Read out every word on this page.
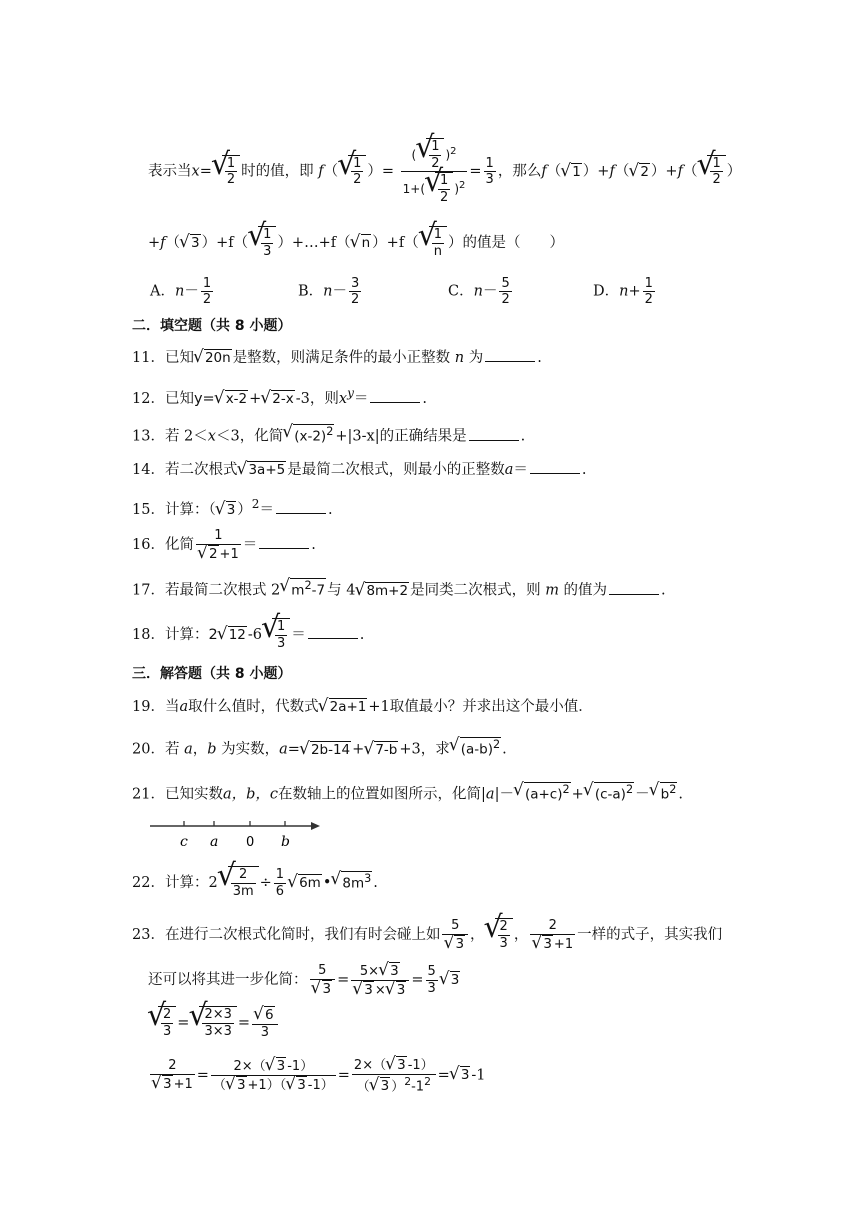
表示当x=
√ $\frac{1}{2}$ 时的值，即 f（
√ $\frac{1}{2}$ ）= (
√ $\frac{1}{2} )^2$
1+(
√ $\frac{1}{2} )^2 = \frac{1}{3}$ ，那么f（√ 1 ）+f（√ 2 ）+f（
√ $\frac{1}{2}$ ）
+f（√ 3 ）+f（
√ $\frac{1}{3}$ ）+…+f（√ n ）+f（
√ $\frac{1}{n}$ ）的值是（　　）
A．$n- \frac{1}{2}$	B．$n- \frac{3}{2}$	C．$n- \frac{5}{2}$	D．$n+ \frac{1}{2}$
二．填空题（共 8 小题）
11．已知√ 20n 是整数，则满足条件的最小正整数 n 为	.
12．已知y=√ x-2 +√ 2-x -3，则$x^y=$	.
13．若 2＜x＜3，化简√ $(x-2)^2 +|3-x|$的正确结果是	.
14．若二次根式√ 3a+5 是最简二次根式，则最小的正整数a＝	.
15．计算：（√ 3 ）$^2$＝	.
16．化简 1
√ 2 +1 ＝	.
17．若最简二次根式 2√ $m^2-7$ 与 4√ 8m+2 是同类二次根式，则 m 的值为	.
18．计算：2√ 12 -6
√ $\frac{1}{3}$ ＝	.
三．解答题（共 8 小题）
19．当a取什么值时，代数式√ 2a+1 +1取值最小？并求出这个最小值．
20．若 a，b 为实数，a=√ 2b-14 +√ 7-b +3，求√ $(a-b)^2$ .
21．已知实数a，b，c在数轴上的位置如图所示，化简|a|－√ $(a+c)^2$ +√ $(c-a)^2$ －√ $b^2$ .
c a 0 b
22．计算：2
√ $\frac{2}{3m} \div \frac{1}{6}$
√ 6m •√ $8m^3$ .
23．在进行二次根式化简时，我们有时会碰上如 5
√ 3 ，
√ $\frac{2}{3}$ ， 2
√ 3 +1 一样的式子，其实我们
还可以将其进一步化简： 5
√ 3 = 5×√ 3
√ 3 ×√ $3 = \frac{5}{3}$
√ 3
√ $\frac{2}{3}$ =
√ $\frac{2\times 3}{3\times 3}$ =
√ $\frac{6}{3}$
2
√ $3 +1 = \frac{2\times(√ 3 -1)}{(√ 3 +1)(√ 3 -1)} = \frac{2\times(√ 3 -1)}{(√ 3 )^2-1^2}$ =√ 3 -1
